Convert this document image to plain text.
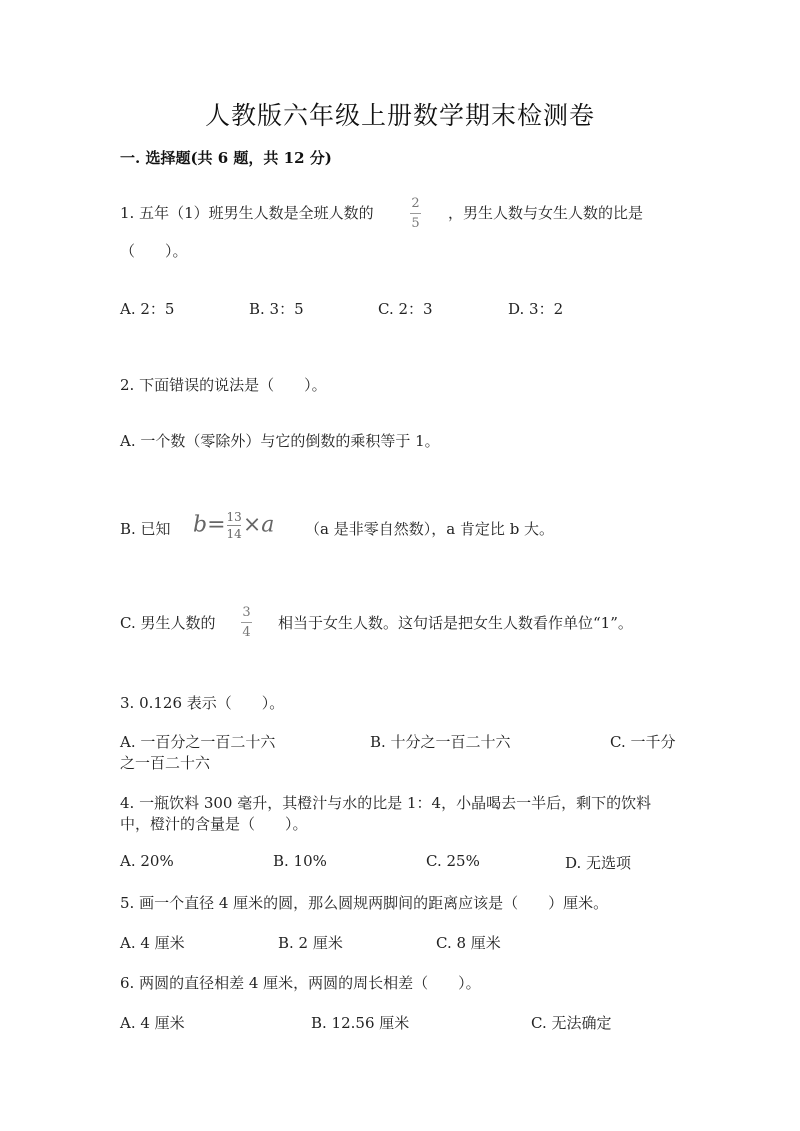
人教版六年级上册数学期末检测卷
一. 选择题(共 6 题，共 12 分)
1. 五年（1）班男生人数是全班人数的
2
5
，男生人数与女生人数的比是
（　　）。
A. 2：5	B. 3：5	C. 2：3	D. 3：2
2. 下面错误的说法是（　　）。
A. 一个数（零除外）与它的倒数的乘积等于 1。
B. 已知 $b= \frac{13}{14} \times a$ （a 是非零自然数），a 肯定比 b 大。
C. 男生人数的
3
4
相当于女生人数。这句话是把女生人数看作单位“1”。
3. 0.126 表示（　　）。
A. 一百分之一百二十六	B. 十分之一百二十六	C. 一千分
之一百二十六
4. 一瓶饮料 300 毫升，其橙汁与水的比是 1：4，小晶喝去一半后，剩下的饮料
中，橙汁的含量是（　　）。
A. 20%	B. 10%	C. 25%	D. 无选项
5. 画一个直径 4 厘米的圆，那么圆规两脚间的距离应该是（　　）厘米。
A. 4 厘米	B. 2 厘米	C. 8 厘米
6. 两圆的直径相差 4 厘米，两圆的周长相差（　　）。
A. 4 厘米	B. 12.56 厘米	C. 无法确定
